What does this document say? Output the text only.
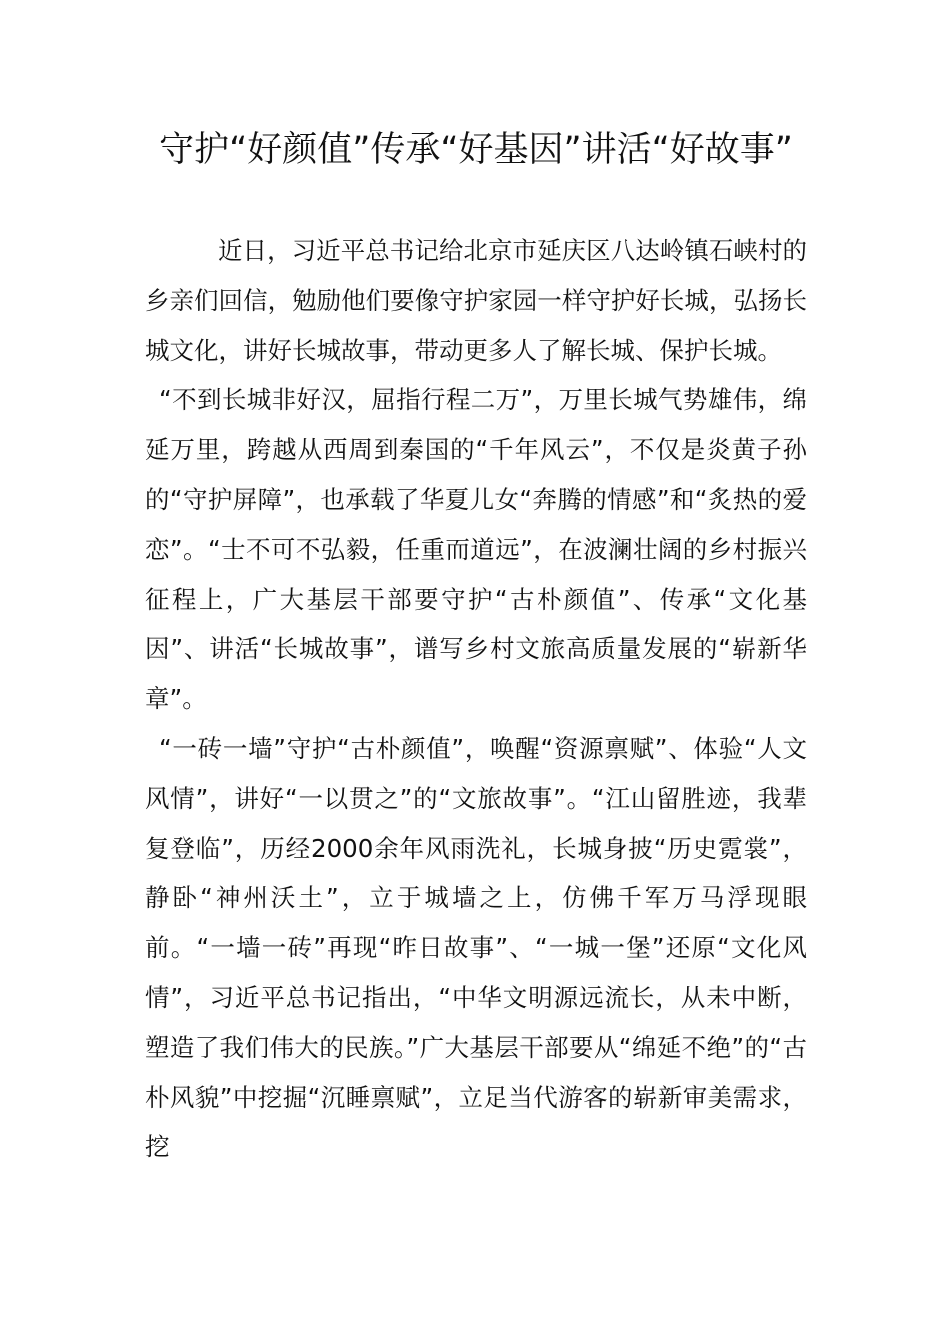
守护“好颜值”传承“好基因”讲活“好故事”

近日，习近平总书记给北京市延庆区八达岭镇石峡村的乡亲们回信，勉励他们要像守护家园一样守护好长城，弘扬长城文化，讲好长城故事，带动更多人了解长城、保护长城。

“不到长城非好汉，屈指行程二万”，万里长城气势雄伟，绵延万里，跨越从西周到秦国的“千年风云”，不仅是炎黄子孙的“守护屏障”，也承载了华夏儿女“奔腾的情感”和“炙热的爱恋”。“士不可不弘毅，任重而道远”，在波澜壮阔的乡村振兴征程上，广大基层干部要守护“古朴颜值”、传承“文化基因”、讲活“长城故事”，谱写乡村文旅高质量发展的“崭新华章”。

“一砖一墙”守护“古朴颜值”，唤醒“资源禀赋”、体验“人文风情”，讲好“一以贯之”的“文旅故事”。“江山留胜迹，我辈复登临”，历经2000余年风雨洗礼，长城身披“历史霓裳”，静卧“神州沃土”，立于城墙之上，仿佛千军万马浮现眼前。“一墙一砖”再现“昨日故事”、“一城一堡”还原“文化风情”，习近平总书记指出，“中华文明源远流长，从未中断，塑造了我们伟大的民族。”广大基层干部要从“绵延不绝”的“古朴风貌”中挖掘“沉睡禀赋”，立足当代游客的崭新审美需求，挖
